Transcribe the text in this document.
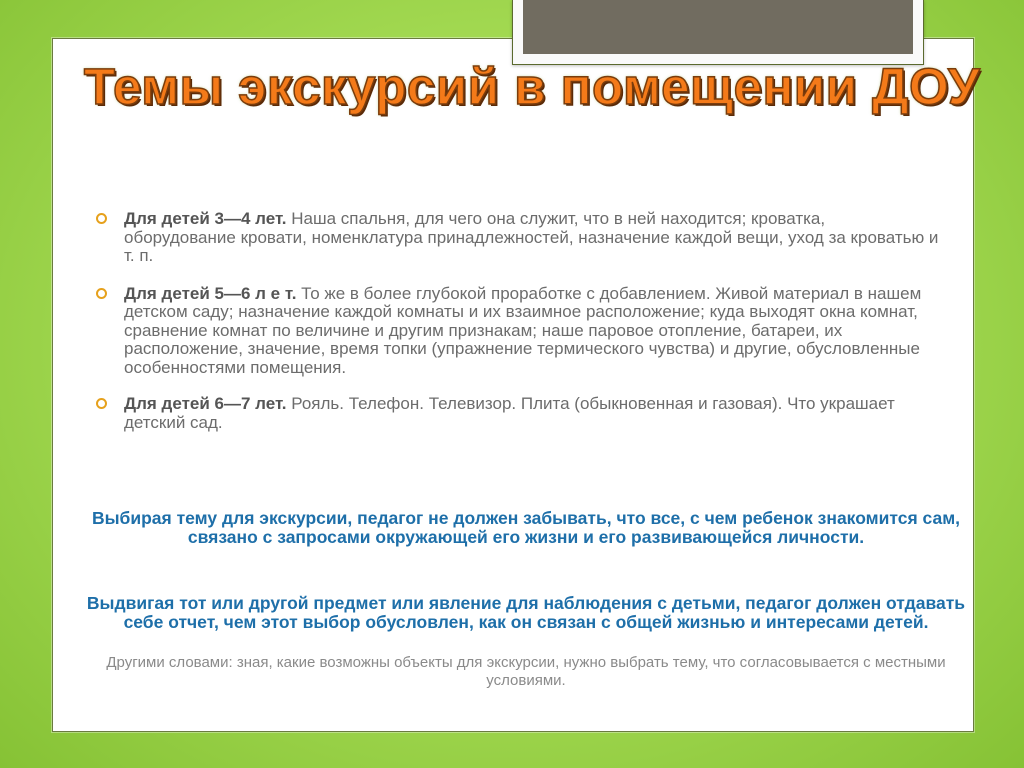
Темы экскурсий в помещении ДОУ
Для детей 3—4 лет. Наша спальня, для чего она служит, что в ней находится; кроватка, оборудование кровати, номенклатура принадлежностей, назначение каждой вещи, уход за кроватью и т. п.
Для детей 5—6 л е т. То же в более глубокой проработке с добавлением. Живой материал в нашем детском саду; назначение каждой комнаты и их взаимное расположение; куда выходят окна комнат, сравнение комнат по величине и другим признакам; наше паровое отопление, батареи, их расположение, значение, время топки (упражнение термического чувства) и другие, обусловленные особенностями помещения.
Для детей 6—7 лет. Рояль. Телефон. Телевизор. Плита (обыкновенная и газовая). Что украшает детский сад.

Выбирая тему для экскурсии, педагог не должен забывать, что все, с чем ребенок знакомится сам, связано с запросами окружающей его жизни и его развивающейся личности.

Выдвигая тот или другой предмет или явление для наблюдения с детьми, педагог должен отдавать себе отчет, чем этот выбор обусловлен, как он связан с общей жизнью и интересами детей.

Другими словами: зная, какие возможны объекты для экскурсии, нужно выбрать тему, что согласовывается с местными условиями.
